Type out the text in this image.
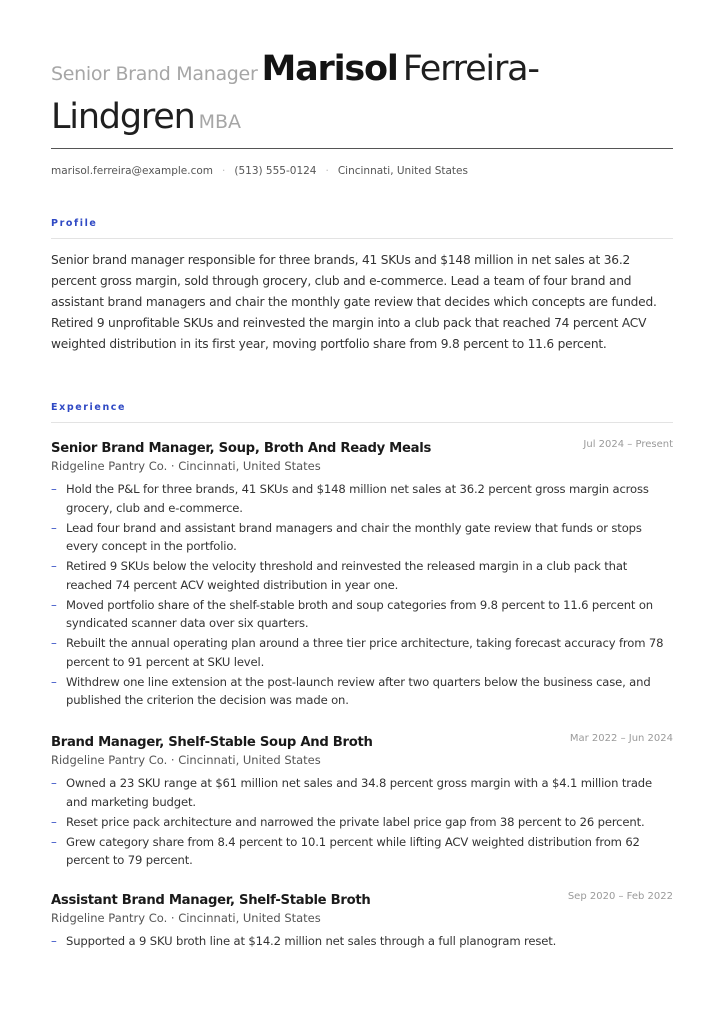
Senior Brand Manager Marisol Ferreira-
Lindgren MBA
marisol.ferreira@example.com · (513) 555-0124 · Cincinnati, United States
Profile
Senior brand manager responsible for three brands, 41 SKUs and $148 million in net sales at 36.2 percent gross margin, sold through grocery, club and e-commerce. Lead a team of four brand and assistant brand managers and chair the monthly gate review that decides which concepts are funded. Retired 9 unprofitable SKUs and reinvested the margin into a club pack that reached 74 percent ACV weighted distribution in its first year, moving portfolio share from 9.8 percent to 11.6 percent.
Experience
Senior Brand Manager, Soup, Broth And Ready Meals	Jul 2024 – Present
Ridgeline Pantry Co. · Cincinnati, United States
– Hold the P&L for three brands, 41 SKUs and $148 million net sales at 36.2 percent gross margin across grocery, club and e-commerce.
– Lead four brand and assistant brand managers and chair the monthly gate review that funds or stops every concept in the portfolio.
– Retired 9 SKUs below the velocity threshold and reinvested the released margin in a club pack that reached 74 percent ACV weighted distribution in year one.
– Moved portfolio share of the shelf-stable broth and soup categories from 9.8 percent to 11.6 percent on syndicated scanner data over six quarters.
– Rebuilt the annual operating plan around a three tier price architecture, taking forecast accuracy from 78 percent to 91 percent at SKU level.
– Withdrew one line extension at the post-launch review after two quarters below the business case, and published the criterion the decision was made on.
Brand Manager, Shelf-Stable Soup And Broth	Mar 2022 – Jun 2024
Ridgeline Pantry Co. · Cincinnati, United States
– Owned a 23 SKU range at $61 million net sales and 34.8 percent gross margin with a $4.1 million trade and marketing budget.
– Reset price pack architecture and narrowed the private label price gap from 38 percent to 26 percent.
– Grew category share from 8.4 percent to 10.1 percent while lifting ACV weighted distribution from 62 percent to 79 percent.
Assistant Brand Manager, Shelf-Stable Broth	Sep 2020 – Feb 2022
Ridgeline Pantry Co. · Cincinnati, United States
– Supported a 9 SKU broth line at $14.2 million net sales through a full planogram reset.
